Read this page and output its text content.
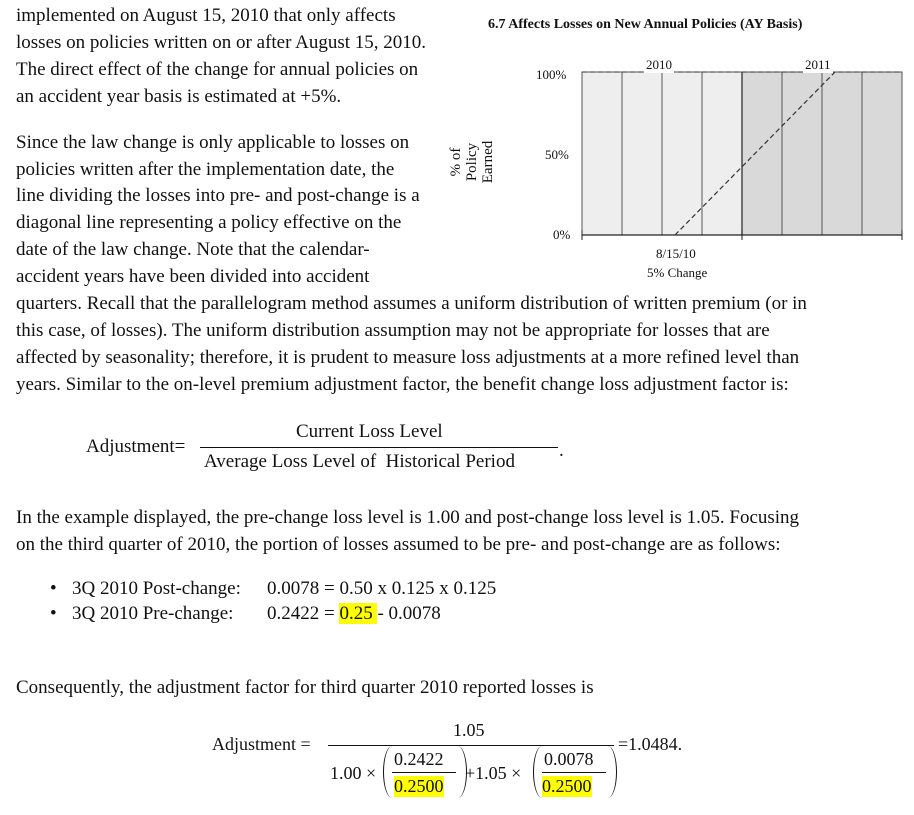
implemented on August 15, 2010 that only affects
losses on policies written on or after August 15, 2010.
The direct effect of the change for annual policies on
an accident year basis is estimated at +5%.
Since the law change is only applicable to losses on
policies written after the implementation date, the
line dividing the losses into pre- and post-change is a
diagonal line representing a policy effective on the
date of the law change. Note that the calendar-
accident years have been divided into accident
quarters. Recall that the parallelogram method assumes a uniform distribution of written premium (or in
this case, of losses). The uniform distribution assumption may not be appropriate for losses that are
affected by seasonality; therefore, it is prudent to measure loss adjustments at a more refined level than
years. Similar to the on-level premium adjustment factor, the benefit change loss adjustment factor is:
6.7 Affects Losses on New Annual Policies (AY Basis)
% of Policy Earned
100%
50%
0%
2010	2011
8/15/10
5% Change
Adjustment=
Current Loss Level
Average Loss Level of  Historical Period
.
In the example displayed, the pre-change loss level is 1.00 and post-change loss level is 1.05. Focusing
on the third quarter of 2010, the portion of losses assumed to be pre- and post-change are as follows:
• 3Q 2010 Post-change: 0.0078 = 0.50 x 0.125 x 0.125
• 3Q 2010 Pre-change: 0.2422 = 0.25 - 0.0078
Consequently, the adjustment factor for third quarter 2010 reported losses is
1.05
Adjustment =
1.00 ×
0.2422
0.2500
+1.05 ×
0.0078
0.2500
=1.0484.
